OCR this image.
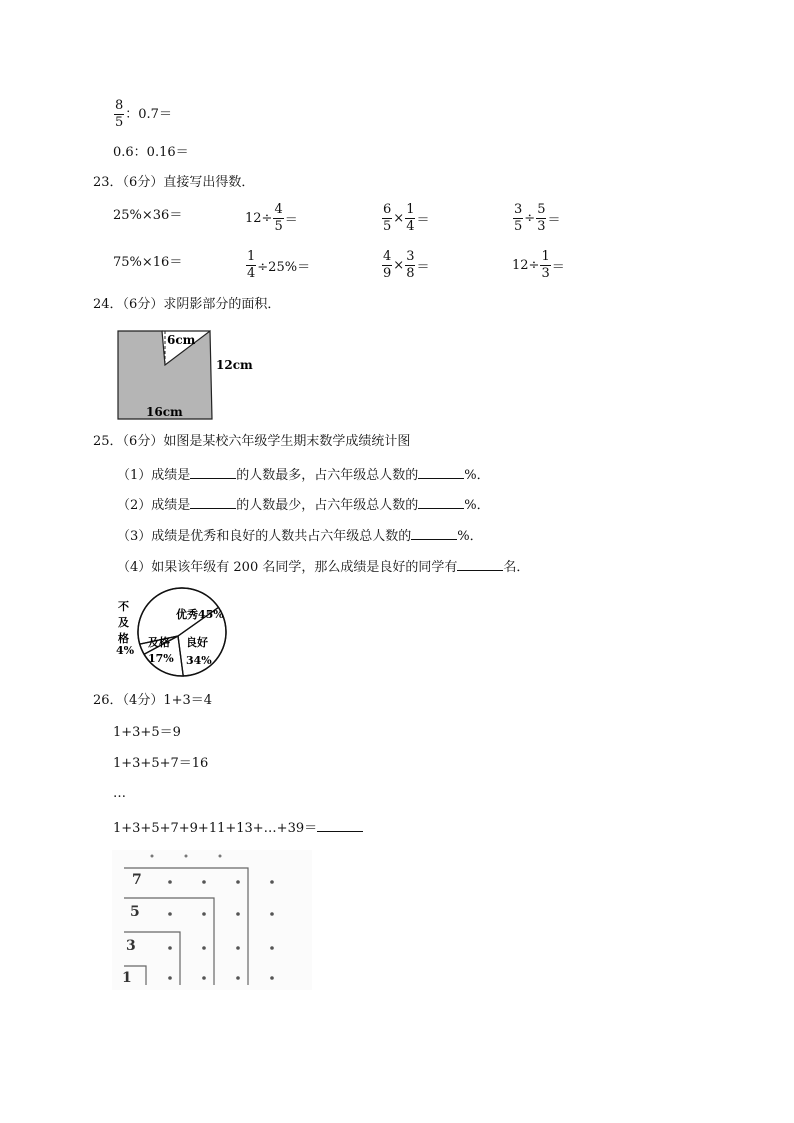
$\frac{8}{5}$ ：0.7＝
0.6：0.16＝
23．（6分）直接写出得数．
25%×36＝	$12\div \frac{4}{5}$ ＝	$\frac{6}{5} \times \frac{1}{4}$ ＝	$\frac{3}{5} \div \frac{5}{3}$ ＝
75%×16＝	$\frac{1}{4} \div 25\%=$	$\frac{4}{9} \times \frac{3}{8}$ ＝	$12\div \frac{1}{3}$ ＝
24．（6分）求阴影部分的面积．
6cm
12cm
16cm
25．（6分）如图是某校六年级学生期末数学成绩统计图
（1）成绩是	的人数最多，占六年级总人数的	%．
（2）成绩是	的人数最少，占六年级总人数的	%．
（3）成绩是优秀和良好的人数共占六年级总人数的	%．
（4）如果该年级有 200 名同学，那么成绩是良好的同学有	名．
优秀45%
良好
34%
及格
17%
不
及
格
4%
26．（4分）1+3＝4
1+3+5＝9
1+3+5+7＝16
…
1+3+5+7+9+11+13+…+39＝
7
5
3
1
